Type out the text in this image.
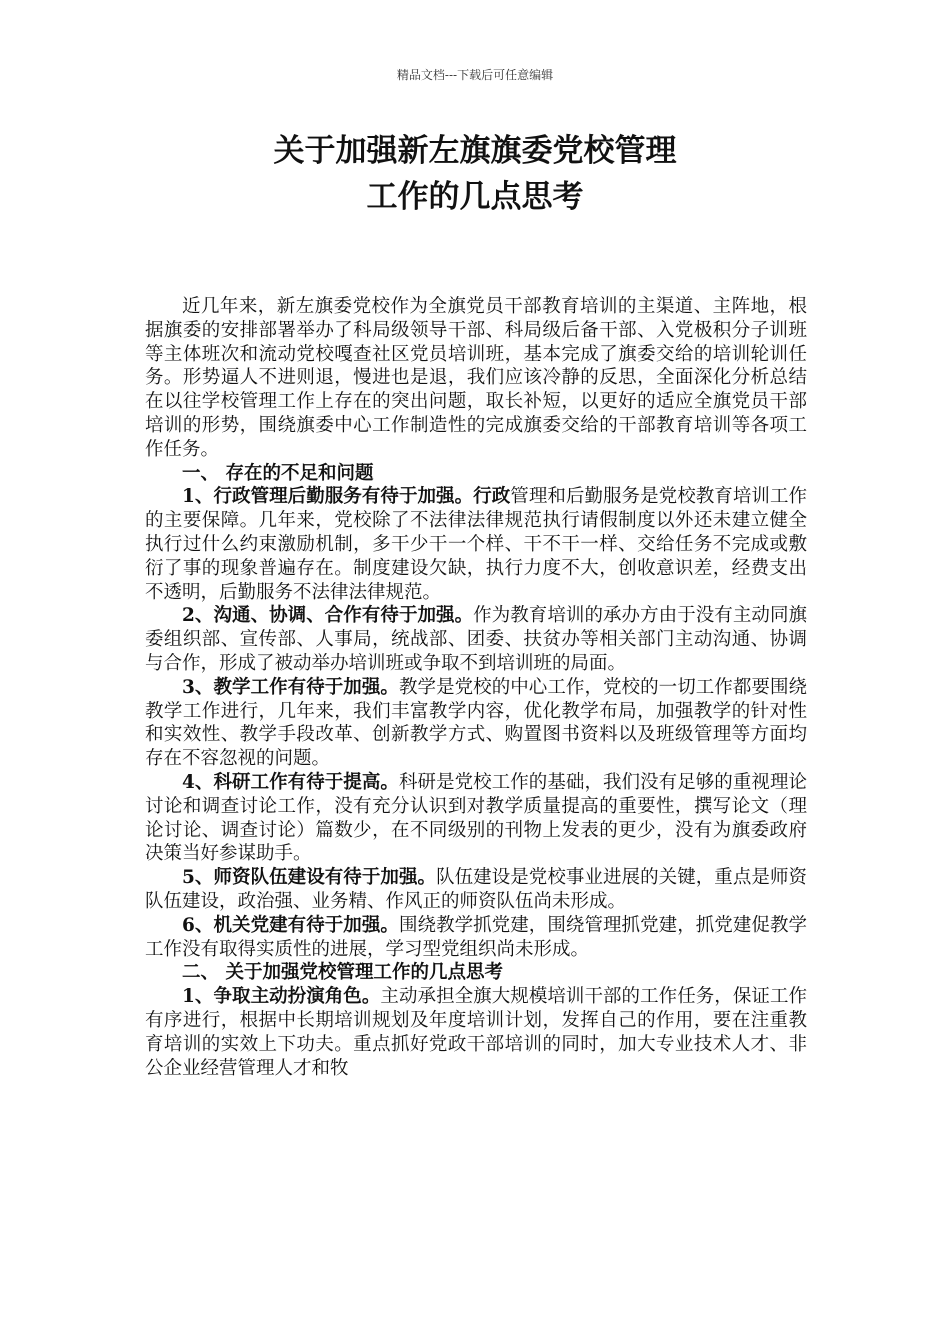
精品文档---下载后可任意编辑
关于加强新左旗旗委党校管理
工作的几点思考

近几年来，新左旗委党校作为全旗党员干部教育培训的主渠道、主阵地，根据旗委的安排部署举办了科局级领导干部、科局级后备干部、入党极积分子训班等主体班次和流动党校嘎查社区党员培训班，基本完成了旗委交给的培训轮训任务。形势逼人不进则退，慢进也是退，我们应该冷静的反思，全面深化分析总结在以往学校管理工作上存在的突出问题，取长补短，以更好的适应全旗党员干部培训的形势，围绕旗委中心工作制造性的完成旗委交给的干部教育培训等各项工作任务。

一、 存在的不足和问题

1、行政管理后勤服务有待于加强。行政管理和后勤服务是党校教育培训工作的主要保障。几年来，党校除了不法律法律规范执行请假制度以外还未建立健全执行过什么约束激励机制，多干少干一个样、干不干一样、交给任务不完成或敷衍了事的现象普遍存在。制度建设欠缺，执行力度不大，创收意识差，经费支出不透明，后勤服务不法律法律规范。

2、沟通、协调、合作有待于加强。作为教育培训的承办方由于没有主动同旗委组织部、宣传部、人事局，统战部、团委、扶贫办等相关部门主动沟通、协调与合作，形成了被动举办培训班或争取不到培训班的局面。

3、教学工作有待于加强。教学是党校的中心工作，党校的一切工作都要围绕教学工作进行，几年来，我们丰富教学内容，优化教学布局，加强教学的针对性和实效性、教学手段改革、创新教学方式、购置图书资料以及班级管理等方面均存在不容忽视的问题。

4、科研工作有待于提高。科研是党校工作的基础，我们没有足够的重视理论讨论和调查讨论工作，没有充分认识到对教学质量提高的重要性，撰写论文（理论讨论、调查讨论）篇数少，在不同级别的刊物上发表的更少，没有为旗委政府决策当好参谋助手。

5、师资队伍建设有待于加强。队伍建设是党校事业进展的关键，重点是师资队伍建设，政治强、业务精、作风正的师资队伍尚未形成。

6、机关党建有待于加强。围绕教学抓党建，围绕管理抓党建，抓党建促教学工作没有取得实质性的进展，学习型党组织尚未形成。

二、 关于加强党校管理工作的几点思考

1、争取主动扮演角色。主动承担全旗大规模培训干部的工作任务，保证工作有序进行，根据中长期培训规划及年度培训计划，发挥自己的作用，要在注重教育培训的实效上下功夫。重点抓好党政干部培训的同时，加大专业技术人才、非公企业经营管理人才和牧
